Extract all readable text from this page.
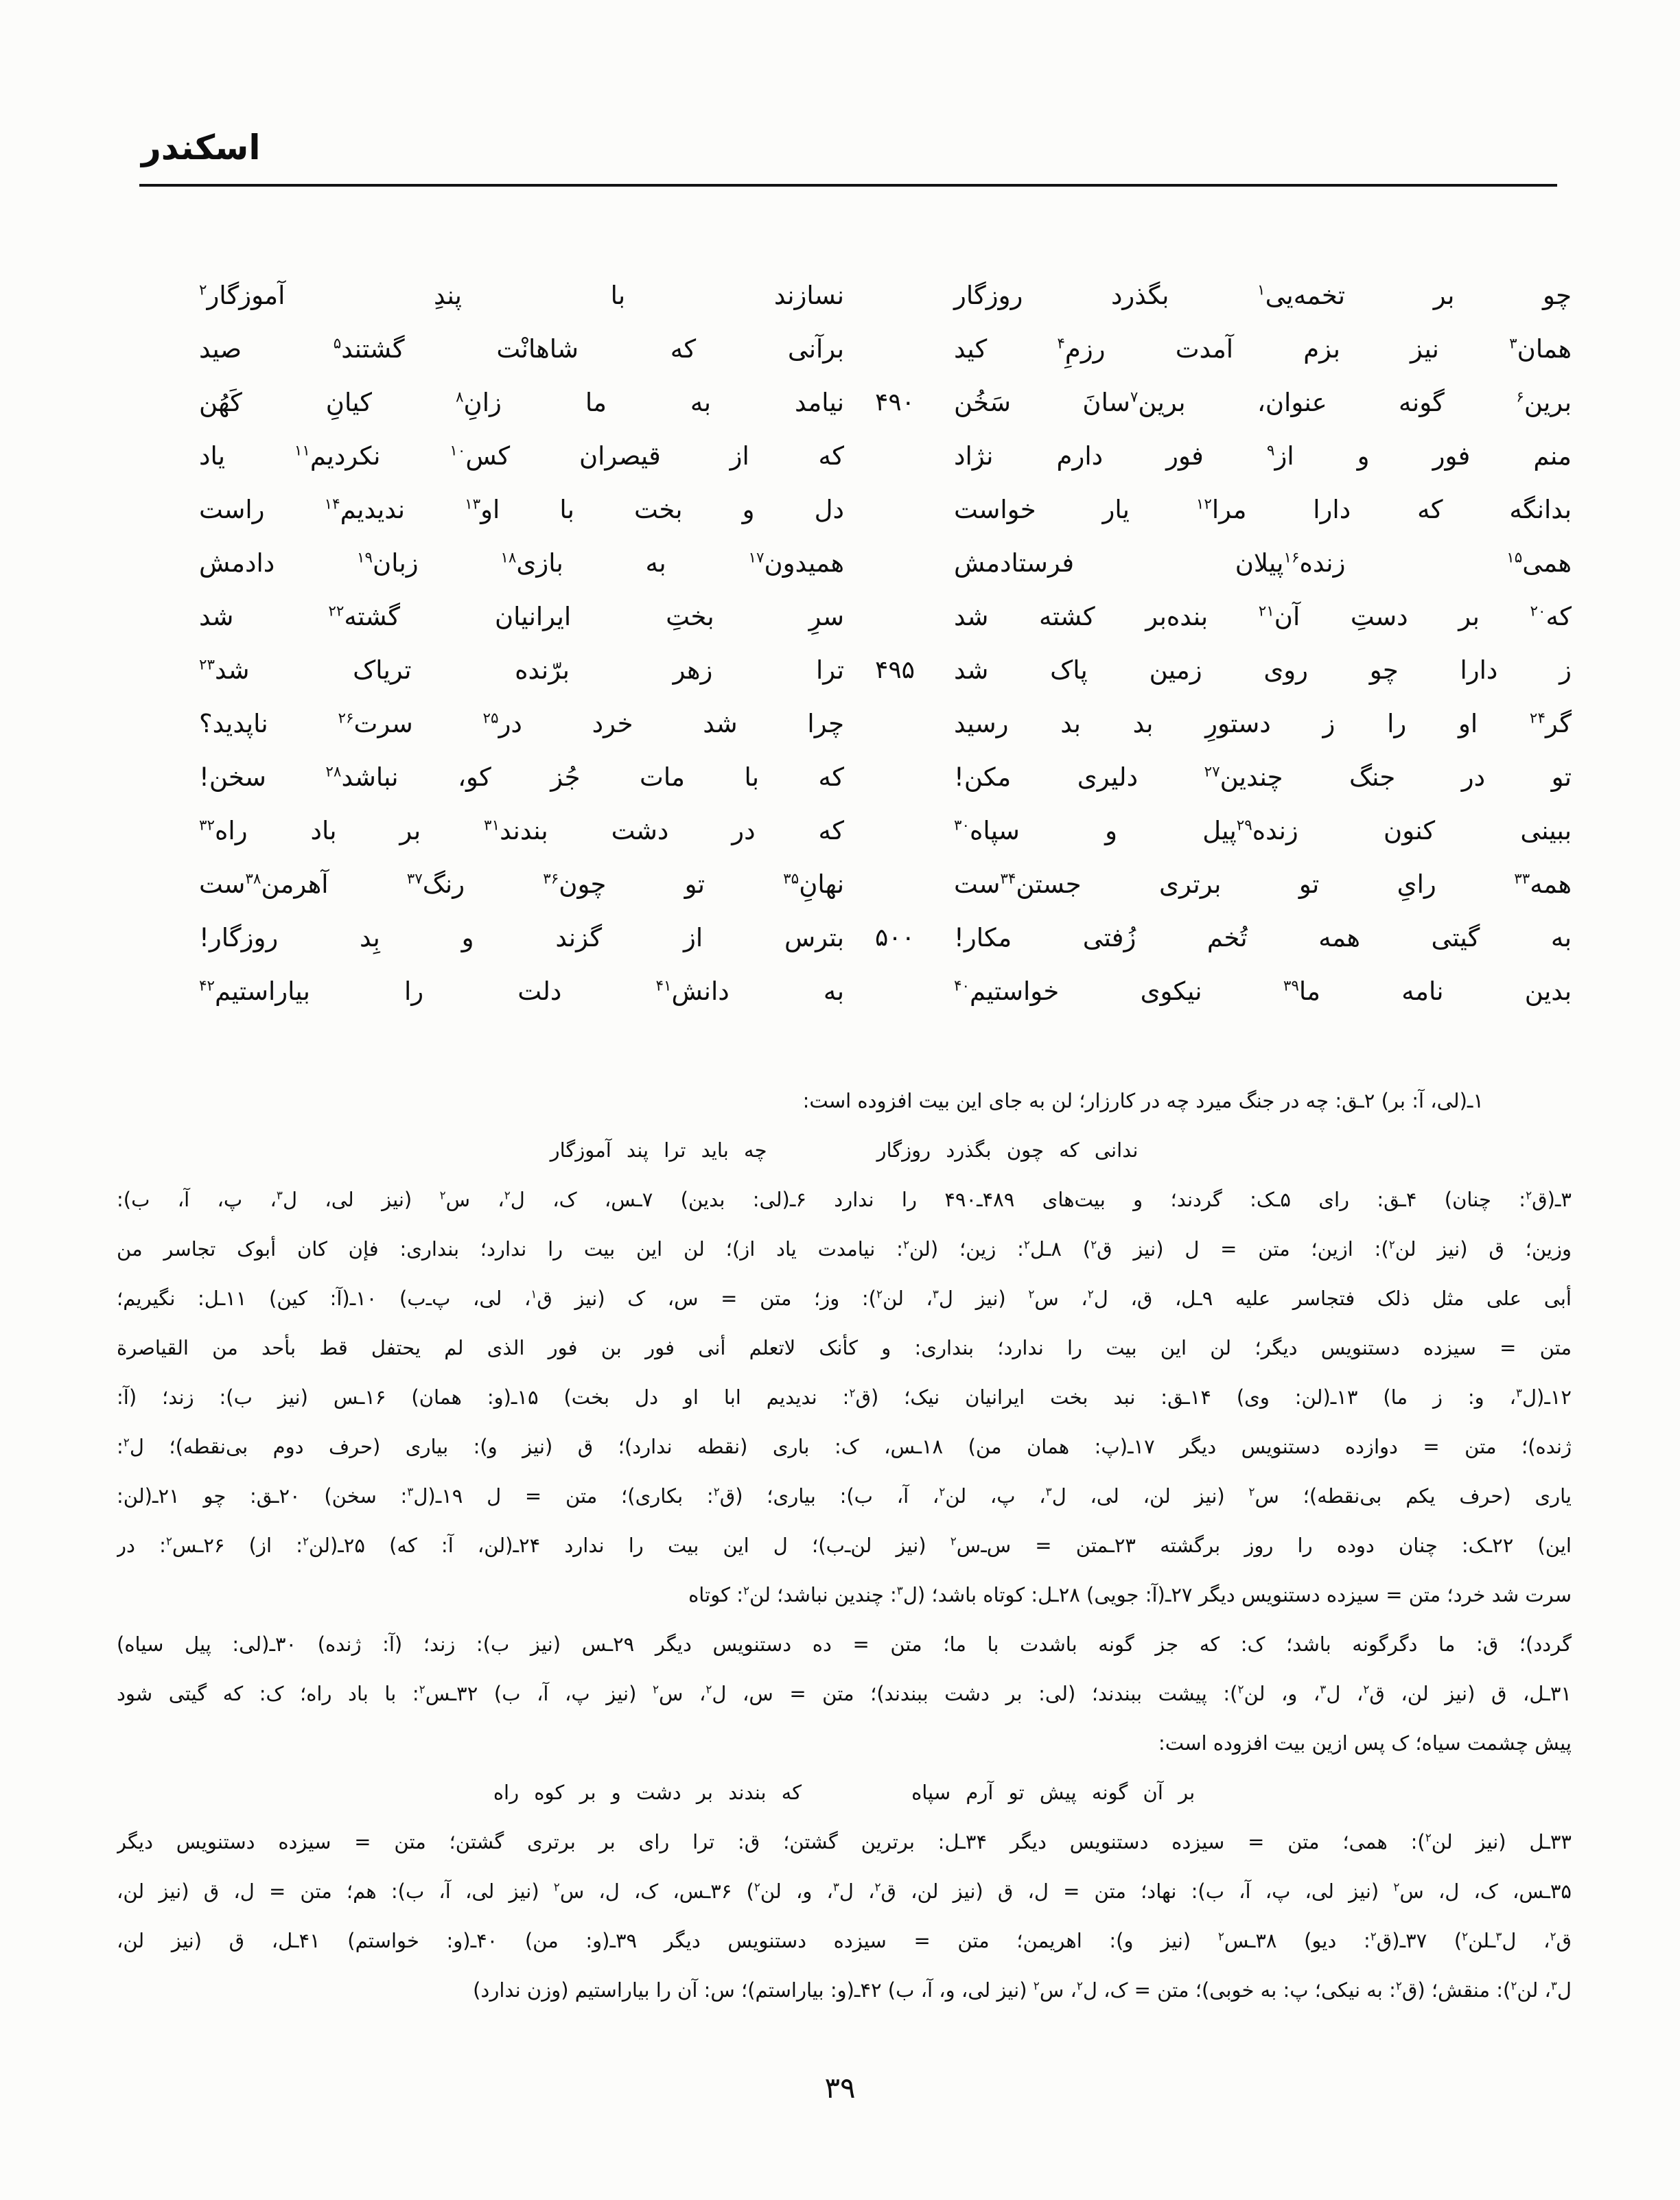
اسکندر
چو بر تخمه‌یی$^۱$ بگذرد روزگار
نسازند با پندِ آموزگار$^۲$
همان$^۳$ نیز بزم آمدت رزمِ$^۴$ کید
برآنی که شاهانْت گشتند$^۵$ صید
۴۹۰	برین$^۶$ گونه عنوان، برین$^۷$سانَ سَخُن
نیامد به ما زانِ$^۸$ کیانِ کَهُن
منم فور و از$^۹$ فور دارم نژاد
که از قیصران کس$^{۱۰}$ نکردیم$^{۱۱}$ یاد
بدانگه که دارا مرا$^{۱۲}$ یار خواست
دل و بخت با او$^{۱۳}$ ندیدیم$^{۱۴}$ راست
همی$^{۱۵}$ زنده$^{۱۶}$پیلان فرستادمش
همیدون$^{۱۷}$ به بازی$^{۱۸}$ زبان$^{۱۹}$ دادمش
که$^{۲۰}$ بر دستِ آن$^{۲۱}$ بنده‌بر کشته شد
سرِ بختِ ایرانیان گشته$^{۲۲}$ شد
۴۹۵	ز دارا چو روی زمین پاک شد
ترا زهر برّنده تریاک شد$^{۲۳}$
گر$^{۲۴}$ او را ز دستورِ بد بد رسید
چرا شد خرد در$^{۲۵}$ سرت$^{۲۶}$ ناپدید؟
تو در جنگ چندین$^{۲۷}$ دلیری مکن!
که با مات جُز کو، نباشد$^{۲۸}$ سخن!
ببینی کنون زنده$^{۲۹}$پیل و سپاه$^{۳۰}$
که در دشت بندند$^{۳۱}$ بر باد راه$^{۳۲}$
همه$^{۳۳}$ رایِ تو برتری جستن$^{۳۴}$ست
نهانِ$^{۳۵}$ تو چون$^{۳۶}$ رنگ$^{۳۷}$ آهرمن$^{۳۸}$ست
۵۰۰	به گیتی همه تُخم زُفتی مکار!
بترس از گزند و بِد روزگار!
بدین نامه ما$^{۳۹}$ نیکوی خواستیم$^{۴۰}$
به دانش$^{۴۱}$ دلت را بیاراستیم$^{۴۲}$
۱ـ(لی، آ: بر) ۲ـق: چه در جنگ میرد چه در کارزار؛ لن به جای این بیت افزوده است:
ندانی که چون بگذرد روزگار
چه باید ترا پند آموزگار
۳ـ(ق$^۲$: چنان) ۴ـق: رای ۵ـک: گردند؛ و بیت‌های ۴۸۹ـ۴۹۰ را ندارد ۶ـ(لی: بدین) ۷ـس، ک، ل$^۲$، س$^۲$ (نیز لی، ل$^۳$، پ، آ، ب):
وزین؛ ق (نیز لن$^۲$): ازین؛ متن = ل (نیز ق$^۲$) ۸ـل$^۲$: زین؛ (لن$^۲$: نیامدت یاد از)؛ لن این بیت را ندارد؛ بنداری: فإن کان أبوک تجاسر من
أبی علی مثل ذلک فتجاسر علیه ۹ـل، ق، ل$^۲$، س$^۲$ (نیز ل$^۳$، لن$^۲$): وز؛ متن = س، ک (نیز ق$^۱$، لی، پ‌ـ‌ب) ۱۰ـ(آ: کین) ۱۱ـل: نگیریم؛
متن = سیزده دستنویس دیگر؛ لن این بیت را ندارد؛ بنداری: و کأنک لاتعلم أنی فور بن فور الذی لم یحتفل قط بأحد من القیاصرة
۱۲ـ(ل$^۳$، و: ز ما) ۱۳ـ(لن: وی) ۱۴ـق: نبد بخت ایرانیان نیک؛ (ق$^۲$: ندیدیم ابا او دل بخت) ۱۵ـ(و: همان) ۱۶ـس (نیز ب): زند؛ (آ:
ژنده)؛ متن = دوازده دستنویس دیگر ۱۷ـ(پ: همان من) ۱۸ـس، ک: باری (نقطه ندارد)؛ ق (نیز و): بیاری (حرف دوم بی‌نقطه)؛ ل$^۲$:
یاری (حرف یکم بی‌نقطه)؛ س$^۲$ (نیز لن، لی، ل$^۳$، پ، لن$^۲$، آ، ب): بیاری؛ (ق$^۲$: بکاری)؛ متن = ل ۱۹ـ(ل$^۳$: سخن) ۲۰ـق: چو ۲۱ـ(لن:
این) ۲۲ـک: چنان دوده را روز برگشته ۲۳ـمتن = س‌ـ‌س$^۲$ (نیز لن‌ـ‌ب)؛ ل این بیت را ندارد ۲۴ـ(لن، آ: که) ۲۵ـ(لن$^۲$: از) ۲۶ـس$^۲$: در
سرت شد خرد؛ متن = سیزده دستنویس دیگر ۲۷ـ(آ: جویی) ۲۸ـل: کوتاه باشد؛ (ل$^۳$: چندین نباشد؛ لن$^۲$: کوتاه
گردد)؛ ق: ما دگرگونه باشد؛ ک: که جز گونه باشدت با ما؛ متن = ده دستنویس دیگر ۲۹ـس (نیز ب): زند؛ (آ: ژنده) ۳۰ـ(لی: پیل سیاه)
۳۱ـل، ق (نیز لن، ق$^۲$، ل$^۳$، و، لن$^۲$): پیشت ببندند؛ (لی: بر دشت ببندند)؛ متن = س، ل$^۲$، س$^۲$ (نیز پ، آ، ب) ۳۲ـس$^۲$: با باد راه؛ ک: که گیتی شود
پیش چشمت سیاه؛ ک پس ازین بیت افزوده است:
بر آن گونه پیش تو آرم سپاه
که بندند بر دشت و بر کوه راه
۳۳ـل (نیز لن$^۲$): همی؛ متن = سیزده دستنویس دیگر ۳۴ـل: برترین گشتن؛ ق: ترا رای بر برتری گشتن؛ متن = سیزده دستنویس دیگر
۳۵ـس، ک، ل، س$^۲$ (نیز لی، پ، آ، ب): نهاد؛ متن = ل، ق (نیز لن، ق$^۲$، ل$^۳$، و، لن$^۲$) ۳۶ـس، ک، ل، س$^۲$ (نیز لی، آ، ب): هم؛ متن = ل، ق (نیز لن،
ق$^۲$، ل$^۳$ـلن$^۲$) ۳۷ـ(ق$^۲$: دیو) ۳۸ـس$^۲$ (نیز و): اهریمن؛ متن = سیزده دستنویس دیگر ۳۹ـ(و: من) ۴۰ـ(و: خواستم) ۴۱ـل، ق (نیز لن،
ل$^۳$، لن$^۲$): منقش؛ (ق$^۲$: به نیکی؛ پ: به خوبی)؛ متن = ک، ل$^۲$، س$^۲$ (نیز لی، و، آ، ب) ۴۲ـ(و: بیاراستم)؛ س: آن را بیاراستیم (وزن ندارد)
۳۹
